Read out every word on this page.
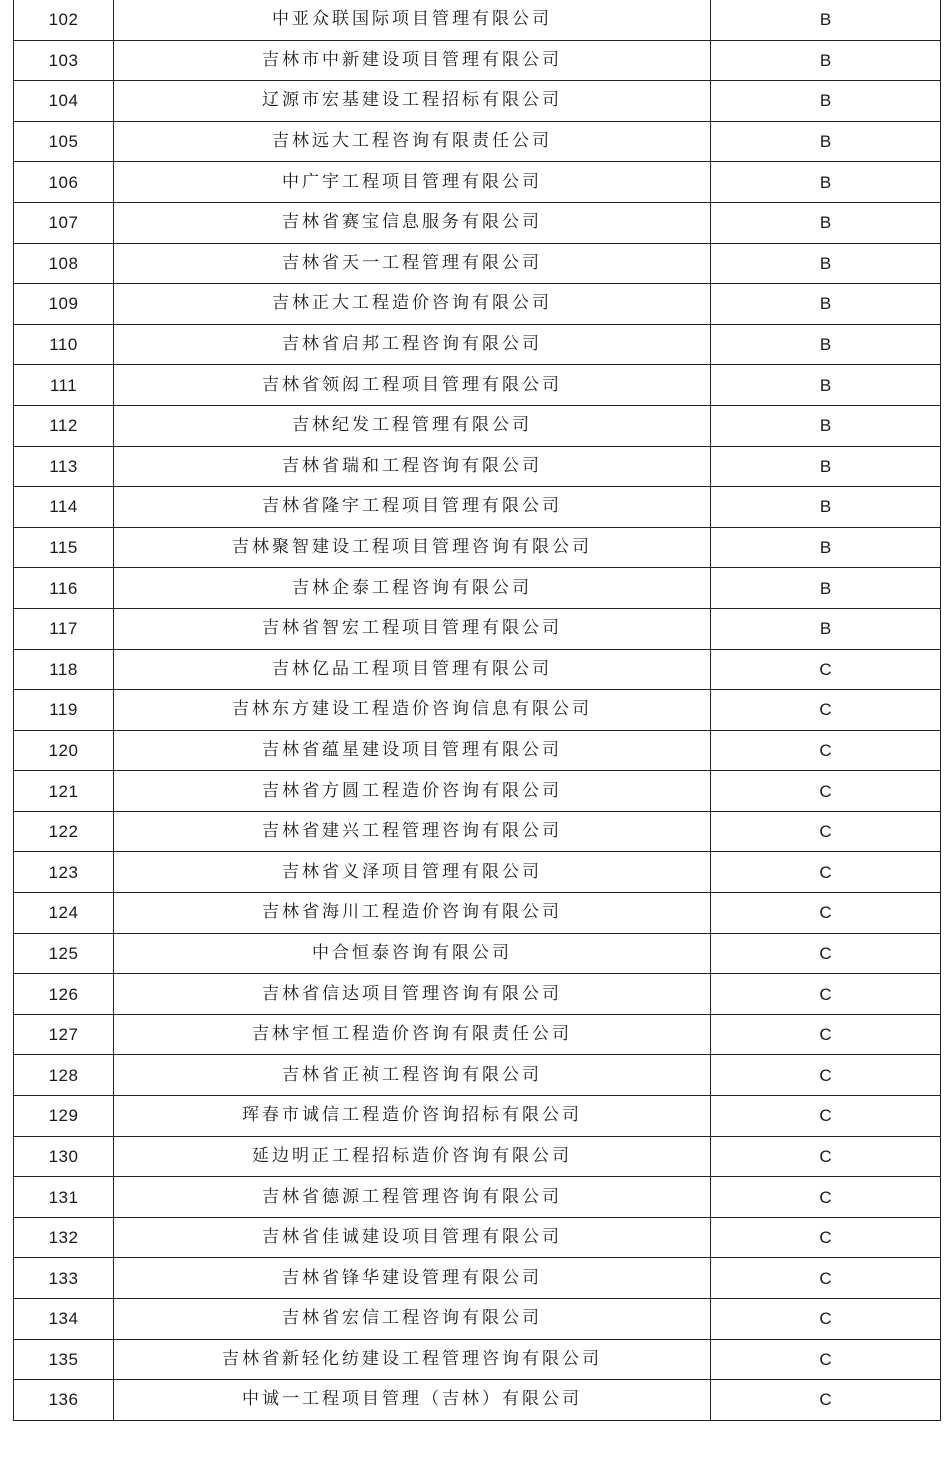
102	中亚众联国际项目管理有限公司	B
103	吉林市中新建设项目管理有限公司	B
104	辽源市宏基建设工程招标有限公司	B
105	吉林远大工程咨询有限责任公司	B
106	中广宇工程项目管理有限公司	B
107	吉林省赛宝信息服务有限公司	B
108	吉林省天一工程管理有限公司	B
109	吉林正大工程造价咨询有限公司	B
110	吉林省启邦工程咨询有限公司	B
111	吉林省领闳工程项目管理有限公司	B
112	吉林纪发工程管理有限公司	B
113	吉林省瑞和工程咨询有限公司	B
114	吉林省隆宇工程项目管理有限公司	B
115	吉林聚智建设工程项目管理咨询有限公司	B
116	吉林企泰工程咨询有限公司	B
117	吉林省智宏工程项目管理有限公司	B
118	吉林亿品工程项目管理有限公司	C
119	吉林东方建设工程造价咨询信息有限公司	C
120	吉林省蕴星建设项目管理有限公司	C
121	吉林省方圆工程造价咨询有限公司	C
122	吉林省建兴工程管理咨询有限公司	C
123	吉林省义泽项目管理有限公司	C
124	吉林省海川工程造价咨询有限公司	C
125	中合恒泰咨询有限公司	C
126	吉林省信达项目管理咨询有限公司	C
127	吉林宇恒工程造价咨询有限责任公司	C
128	吉林省正祯工程咨询有限公司	C
129	珲春市诚信工程造价咨询招标有限公司	C
130	延边明正工程招标造价咨询有限公司	C
131	吉林省德源工程管理咨询有限公司	C
132	吉林省佳诚建设项目管理有限公司	C
133	吉林省锋华建设管理有限公司	C
134	吉林省宏信工程咨询有限公司	C
135	吉林省新轻化纺建设工程管理咨询有限公司	C
136	中诚一工程项目管理（吉林）有限公司	C
